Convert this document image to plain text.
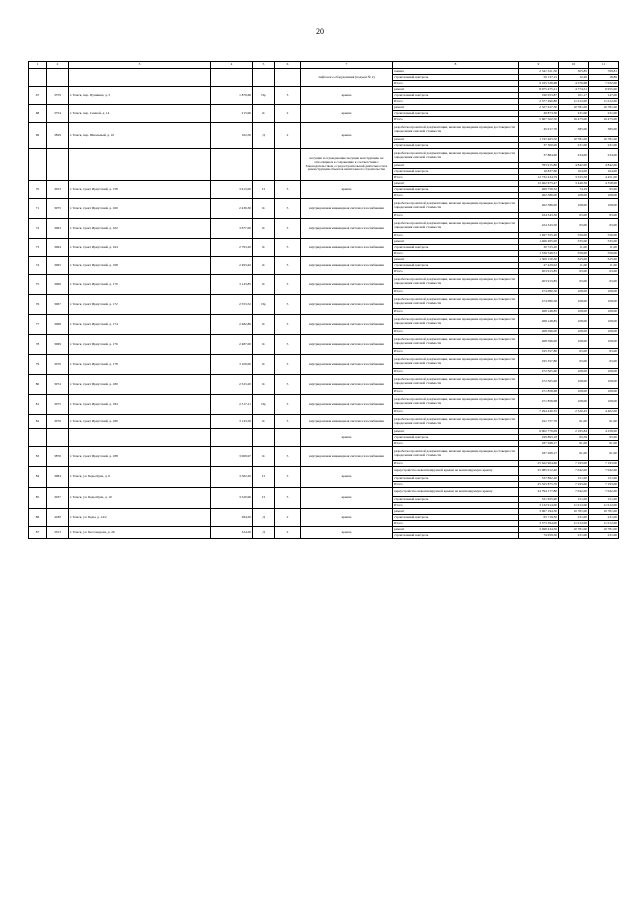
20
1	2	3	4	5	6	7	8	9	10	11
						лифтового оборудования (подъем № 2)	замена	2 341 521,50	305,85	769,81
							строительный контроль	50 137,15	12,26	18,89
							Итого	9 165 528,68	4 576,68	7 032,00
67	3379	г. Томск, пер. Пушкина, д. 5	1 879,66	Пр	3	крыша	ремонт	8 975 475,21	4 774,51	6 955,00
							строительный контроль	190 053,87	101,17	147,00
							Итого	2 377 490,80	11 012,00	11 012,00
68	3754	г. Томск, пер. Сенной, д. 14	215,90	К	2	крыша	ремонт	2 327 617,50	10 781,00	10 781,00
							строительный контроль	49 873,30	231,00	231,00
							Итого	5 667 502,50	16 475,00	16 475,00
69	3829	г. Томск, пер. Школьный, д. 10	162,50	Д	2	крыша	разработка проектной документации, включая проведение проверки достоверности определения сметной стоимости	45 017,70	385,00	385,00
							ремонт	1 745 463,50	10 781,00	10 781,00
							строительный контроль	37 300,00	231,00	231,00
						несущие и ограждающие несущие конструкции, не относящиеся к сохранению в соответствии с Законодательством о градостроительной деятельности и реконструкции объектов капитального строительства	разработка проектной документации, включая проведение проверки достоверности определения сметной стоимости	37 884,60	234,00	234,00
							ремонт	783 915,80	4 842,00	4 842,00
							строительный контроль	16 837,60	104,00	104,00
							Итого	12 732 434,79	3 523,58	4 451,00
70	3053	г. Томск, тракт Иркутский, д. 158	3 613,00	П	5	крыша	ремонт	12 462 675,47	3 449,39	4 358,00
							строительный контроль	269 759,32	74,19	93,00
							Итого	262 586,00	108,00	108,00
71	3075	г. Томск, тракт Иркутский, д. 160	2 439,30	К	5	внутридомовая инженерная система газоснабжения	разработка проектной документации, включая проведение проверки достоверности определения сметной стоимости	262 586,00	108,00	108,00
							Итого	224 343,50	63,00	63,00
72	3063	г. Томск, тракт Иркутский, д. 162	3 677,00	К	5	внутридомовая инженерная система газоснабжения	разработка проектной документации, включая проведение проверки достоверности определения сметной стоимости	224 343,50	63,00	63,00
							Итого	1 497 355,20	556,00	556,00
73	3064	г. Томск, тракт Иркутский, д. 164	2 793,20	К	5	внутридомовая инженерная система газоснабжения	ремонт	1 466 495,00	535,00	535,00
							строительный контроль	30 725,20	11,00	11,00
							Итого	1 336 549,51	556,00	556,00
74	3065	г. Томск, тракт Иркутский, д. 168	2 493,62	К	5	внутридомовая инженерная система газоснабжения	ремонт	1 309 150,30	525,00	525,00
							строительный контроль	27 429,02	11,00	11,00
							Итого	203 913,85	63,00	63,00
75	3066	г. Томск, тракт Иркутский, д. 170	3 143,85	К	5	внутридомовая инженерная система газоснабжения	разработка проектной документации, включая проведение проверки достоверности определения сметной стоимости	203 913,85	63,00	63,00
							Итого	274 080,56	108,00	108,00
76	3067	г. Томск, тракт Иркутский, д. 172	2 553,52	Пр	5	внутридомовая инженерная система газоснабжения	разработка проектной документации, включая проведение проверки достоверности определения сметной стоимости	274 080,56	108,00	108,00
							Итого	268 148,85	108,00	108,00
77	3068	г. Томск, тракт Иркутский, д. 174	2 482,86	К	5	внутридомовая инженерная система газоснабжения	разработка проектной документации, включая проведение проверки достоверности определения сметной стоимости	268 148,85	108,00	108,00
							Итого	268 596,00	108,00	108,00
78	3069	г. Томск, тракт Иркутский, д. 176	2 487,00	К	5	внутридомовая инженерная система газоснабжения	разработка проектной документации, включая проведение проверки достоверности определения сметной стоимости	268 596,00	108,00	108,00
							Итого	195 357,80	63,00	63,00
79	3070	г. Томск, тракт Иркутский, д. 178	3 109,00	К	5	внутридомовая инженерная система газоснабжения	разработка проектной документации, включая проведение проверки достоверности определения сметной стоимости	195 357,80	63,00	63,00
							Итого	272 505,60	108,00	108,00
80	3074	г. Томск, тракт Иркутский, д. 180	2 523,20	К	5	внутридомовая инженерная система газоснабжения	разработка проектной документации, включая проведение проверки достоверности определения сметной стоимости	272 505,60	108,00	108,00
							Итого	271 858,68	108,00	108,00
81	3075	г. Томск, тракт Иркутский, д. 184	2 517,21	Пр	5	внутридомовая инженерная система газоснабжения	разработка проектной документации, включая проведение проверки достоверности определения сметной стоимости	271 858,68	108,00	108,00
							Итого	7 294 430,35	2 320,45	4 402,00
82	3076	г. Томск, тракт Иркутский, д. 186	3 143,56	К	5	внутридомовая инженерная система газоснабжения	разработка проектной документации, включая проведение проверки достоверности определения сметной стоимости	191 757,76	61,00	61,00
						крыша	ремонт	6 902 779,09	2 195,84	4 258,00
							строительный контроль	199 893,18	63,59	93,00
							Итого	187 268,17	61,00	61,00
83	3876	г. Томск, тракт Иркутский, д. 188	3 069,97	К	5	внутридомовая инженерная система газоснабжения	разработка проектной документации, включая проведение проверки достоверности определения сметной стоимости	187 268,17	61,00	61,00
							Итого	25 622 904,60	7 193,00	7 193,00
84	3084	г. Томск, ул. Беды Кузи, д. 6	3 562,20	П	5	крыша	переустройство невентилируемой крыши на вентилируемую крышу	25 085 012,40	7 042,00	7 042,00
							строительный контроль	537 892,20	151,00	151,00
							Итого	25 325 875,70	7 193,00	7 193,00
85	3037	г. Томск, ул. Беды Кузи, д. 10	3 520,90	П	5	крыша	переустройство невентилируемой крыши на вентилируемую крышу	24 794 177,80	7 042,00	7 042,00
							строительный контроль	531 655,90	151,00	151,00
							Итого	3 132 914,00	11 012,00	11 012,00
86	4180	г. Томск, ул. Беды, д. 14/2	284,50	Д	2	крыша	ремонт	3 067 194,50	10 781,00	10 781,00
							строительный контроль	65 719,50	231,00	231,00
							Итого	3 573 394,00	11 012,00	11 012,00
87	3553	г. Томск, ул. Бессонерова, д. 26	324,50	Д	2	крыша	ремонт	3 498 434,50	10 781,00	10 781,00
							строительный контроль	74 959,50	231,00	231,00
